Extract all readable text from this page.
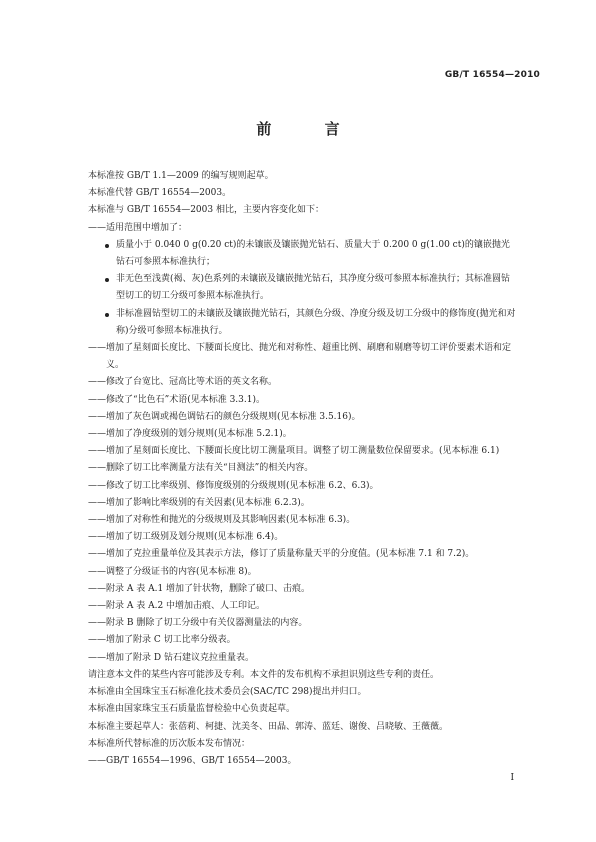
GB/T 16554—2010
前 言
本标准按 GB/T 1.1—2009 的编写规则起草。
本标准代替 GB/T 16554—2003。
本标准与 GB/T 16554—2003 相比，主要内容变化如下：
——适用范围中增加了：
质量小于 0.040 0 g(0.20 ct)的未镶嵌及镶嵌抛光钻石、质量大于 0.200 0 g(1.00 ct)的镶嵌抛光钻石可参照本标准执行；
非无色至浅黄(褐、灰)色系列的未镶嵌及镶嵌抛光钻石，其净度分级可参照本标准执行；其标准圆钻型切工的切工分级可参照本标准执行。
非标准圆钻型切工的未镶嵌及镶嵌抛光钻石，其颜色分级、净度分级及切工分级中的修饰度(抛光和对称)分级可参照本标准执行。
——增加了星刻面长度比、下腰面长度比、抛光和对称性、超重比例、刷磨和剔磨等切工评价要素术语和定义。
——修改了台宽比、冠高比等术语的英文名称。
——修改了“比色石”术语(见本标准 3.3.1)。
——增加了灰色调或褐色调钻石的颜色分级规则(见本标准 3.5.16)。
——增加了净度级别的划分规则(见本标准 5.2.1)。
——增加了星刻面长度比、下腰面长度比切工测量项目。调整了切工测量数位保留要求。(见本标准 6.1)
——删除了切工比率测量方法有关“目测法”的相关内容。
——修改了切工比率级别、修饰度级别的分级规则(见本标准 6.2、6.3)。
——增加了影响比率级别的有关因素(见本标准 6.2.3)。
——增加了对称性和抛光的分级规则及其影响因素(见本标准 6.3)。
——增加了切工级别及划分规则(见本标准 6.4)。
——增加了克拉重量单位及其表示方法，修订了质量称量天平的分度值。(见本标准 7.1 和 7.2)。
——调整了分级证书的内容(见本标准 8)。
——附录 A 表 A.1 增加了针状物，删除了破口、击痕。
——附录 A 表 A.2 中增加击痕、人工印记。
——附录 B 删除了切工分级中有关仪器测量法的内容。
——增加了附录 C 切工比率分级表。
——增加了附录 D 钻石建议克拉重量表。
请注意本文件的某些内容可能涉及专利。本文件的发布机构不承担识别这些专利的责任。
本标准由全国珠宝玉石标准化技术委员会(SAC/TC 298)提出并归口。
本标准由国家珠宝玉石质量监督检验中心负责起草。
本标准主要起草人：张蓓莉、柯捷、沈美冬、田晶、郭涛、蓝廷、谢俊、吕晓敏、王薇薇。
本标准所代替标准的历次版本发布情况：
——GB/T 16554—1996、GB/T 16554—2003。
I
